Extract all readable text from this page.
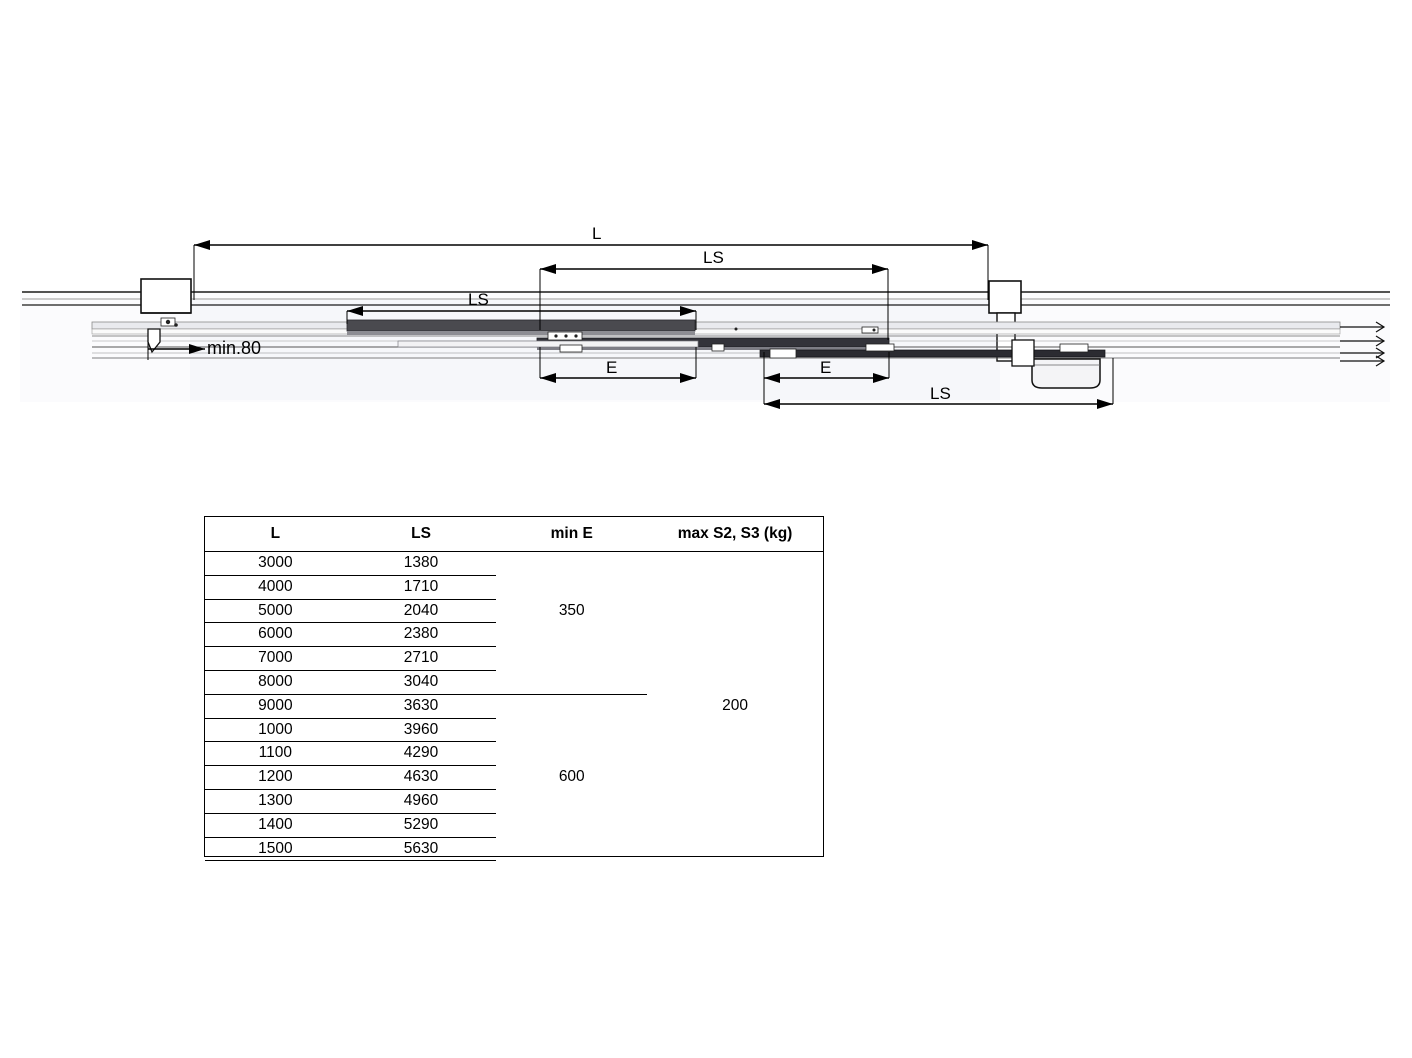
L
LS
LS
min.80
E	E
LS
L	LS	min E	max S2, S3 (kg)
3000	1380	350	200
4000	1710		
5000	2040		
6000	2380		
7000	2710		
8000	3040		
9000	3630	600	
1000	3960		
1100	4290		
1200	4630		
1300	4960		
1400	5290		
1500	5630		
